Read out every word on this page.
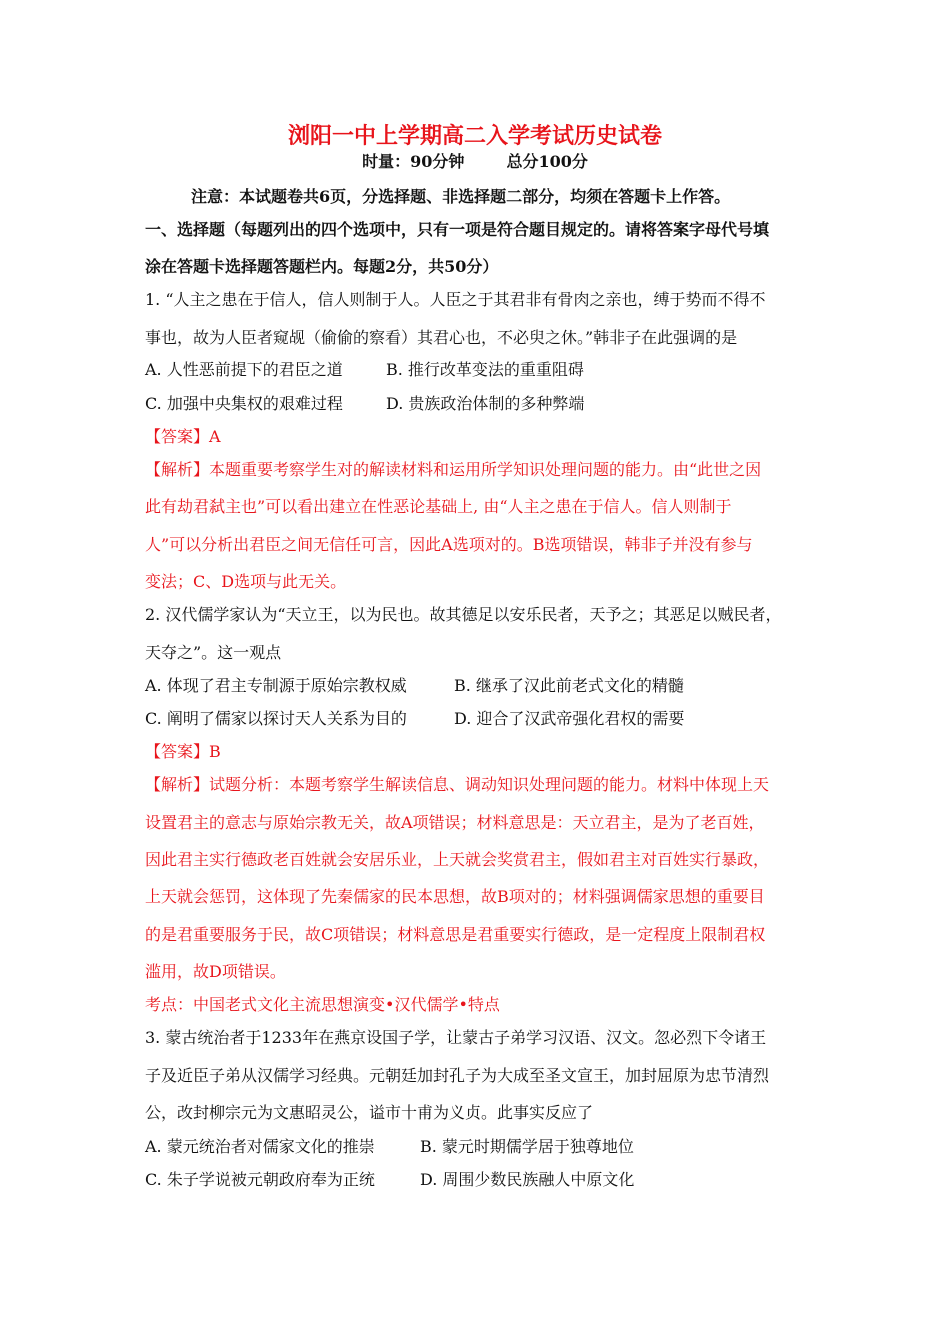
浏阳一中上学期高二入学考试历史试卷
时量：90分钟	总分100分
注意：本试题卷共6页，分选择题、非选择题二部分，均须在答题卡上作答。
一、选择题（每题列出的四个选项中，只有一项是符合题目规定的。请将答案字母代号填
涂在答题卡选择题答题栏内。每题2分，共50分）
1. “人主之患在于信人，信人则制于人。人臣之于其君非有骨肉之亲也，缚于势而不得不
事也，故为人臣者窥觇（偷偷的察看）其君心也，不必臾之休。”韩非子在此强调的是
A. 人性恶前提下的君臣之道	B. 推行改革变法的重重阻碍
C. 加强中央集权的艰难过程	D. 贵族政治体制的多种弊端
【答案】A
【解析】本题重要考察学生对的解读材料和运用所学知识处理问题的能力。由“此世之因
此有劫君弑主也”可以看出建立在性恶论基础上, 由“人主之患在于信人。信人则制于
人”可以分析出君臣之间无信任可言，因此A选项对的。B选项错误，韩非子并没有参与
变法；C、D选项与此无关。
2. 汉代儒学家认为“天立王，以为民也。故其德足以安乐民者，天予之；其恶足以贼民者，
天夺之”。这一观点
A. 体现了君主专制源于原始宗教权威	B. 继承了汉此前老式文化的精髓
C. 阐明了儒家以探讨天人关系为目的	D. 迎合了汉武帝强化君权的需要
【答案】B
【解析】试题分析：本题考察学生解读信息、调动知识处理问题的能力。材料中体现上天
设置君主的意志与原始宗教无关，故A项错误；材料意思是：天立君主，是为了老百姓，
因此君主实行德政老百姓就会安居乐业，上天就会奖赏君主，假如君主对百姓实行暴政，
上天就会惩罚，这体现了先秦儒家的民本思想，故B项对的；材料强调儒家思想的重要目
的是君重要服务于民，故C项错误；材料意思是君重要实行德政，是一定程度上限制君权
滥用，故D项错误。
考点：中国老式文化主流思想演变•汉代儒学•特点
3. 蒙古统治者于1233年在燕京设国子学，让蒙古子弟学习汉语、汉文。忽必烈下令诸王
子及近臣子弟从汉儒学习经典。元朝廷加封孔子为大成至圣文宣王，加封屈原为忠节清烈
公，改封柳宗元为文惠昭灵公，谥市十甫为义贞。此事实反应了
A. 蒙元统治者对儒家文化的推崇	B. 蒙元时期儒学居于独尊地位
C. 朱子学说被元朝政府奉为正统	D. 周围少数民族融人中原文化
